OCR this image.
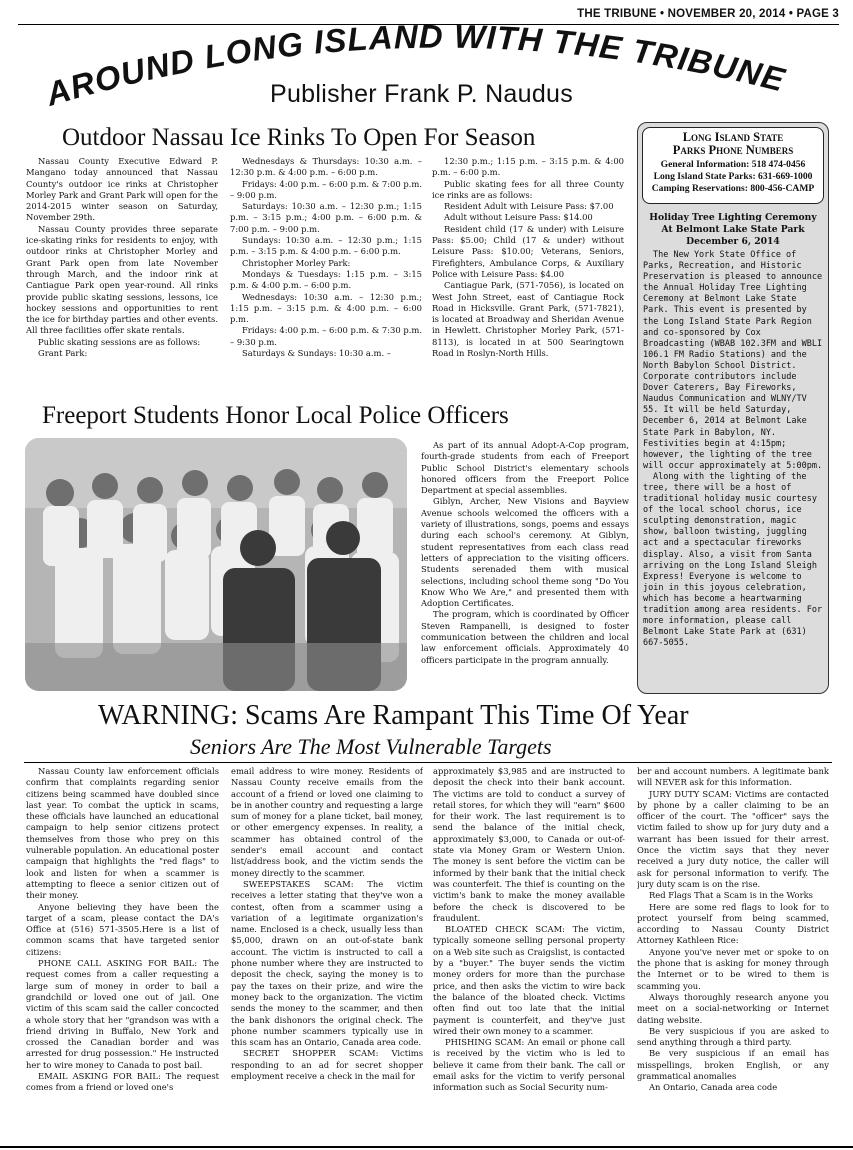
THE TRIBUNE • NOVEMBER 20, 2014 • PAGE 3
AROUND LONG ISLAND WITH THE TRIBUNE
Publisher Frank P. Naudus
Outdoor Nassau Ice Rinks To Open For Season

Nassau County Executive Edward P. Mangano today announced that Nassau County's outdoor ice rinks at Christopher Morley Park and Grant Park will open for the 2014-2015 winter season on Saturday, November 29th.

Nassau County provides three separate ice-skating rinks for residents to enjoy, with outdoor rinks at Christopher Morley and Grant Park open from late November through March, and the indoor rink at Cantiague Park open year-round. All rinks provide public skating sessions, lessons, ice hockey sessions and opportunities to rent the ice for birthday parties and other events. All three facilities offer skate rentals.

Public skating sessions are as follows:

Grant Park:

Wednesdays & Thursdays: 10:30 a.m. – 12:30 p.m. & 4:00 p.m. – 6:00 p.m.

Fridays: 4:00 p.m. – 6:00 p.m. & 7:00 p.m. – 9:00 p.m.

Saturdays: 10:30 a.m. – 12:30 p.m.; 1:15 p.m. – 3:15 p.m.; 4:00 p.m. – 6:00 p.m. & 7:00 p.m. – 9:00 p.m.

Sundays: 10:30 a.m. – 12:30 p.m.; 1:15 p.m. – 3:15 p.m. & 4:00 p.m. – 6:00 p.m.

Christopher Morley Park:

Mondays & Tuesdays: 1:15 p.m. – 3:15 p.m. & 4:00 p.m. – 6:00 p.m.

Wednesdays: 10:30 a.m. – 12:30 p.m.; 1:15 p.m. – 3:15 p.m. & 4:00 p.m. – 6:00 p.m.

Fridays: 4:00 p.m. – 6:00 p.m. & 7:30 p.m. – 9:30 p.m.

Saturdays & Sundays: 10:30 a.m. –

12:30 p.m.; 1:15 p.m. – 3:15 p.m. & 4:00 p.m. – 6:00 p.m.

Public skating fees for all three County ice rinks are as follows:

Resident Adult with Leisure Pass: $7.00

Adult without Leisure Pass: $14.00

Resident child (17 & under) with Leisure Pass: $5.00; Child (17 & under) without Leisure Pass: $10.00; Veterans, Seniors, Firefighters, Ambulance Corps, & Auxiliary Police with Leisure Pass: $4.00

Cantiague Park, (571-7056), is located on West John Street, east of Cantiague Rock Road in Hicksville. Grant Park, (571-7821), is located at Broadway and Sheridan Avenue in Hewlett. Christopher Morley Park, (571-8113), is located in at 500 Searingtown Road in Roslyn-North Hills.

Long Island State
Parks Phone Numbers
General Information: 518 474-0456
Long Island State Parks: 631-669-1000
Camping Reservations: 800-456-CAMP
Holiday Tree Lighting Ceremony
At Belmont Lake State Park
December 6, 2014

The New York State Office of Parks, Recreation, and Historic Preservation is pleased to announce the Annual Holiday Tree Lighting Ceremony at Belmont Lake State Park. This event is presented by the Long Island State Park Region and co-sponsored by Cox Broadcasting (WBAB 102.3FM and WBLI 106.1 FM Radio Stations) and the North Babylon School District. Corporate contributors include Dover Caterers, Bay Fireworks, Naudus Communication and WLNY/TV 55. It will be held Saturday, December 6, 2014 at Belmont Lake State Park in Babylon, NY. Festivities begin at 4:15pm; however, the lighting of the tree will occur approximately at 5:00pm.

Along with the lighting of the tree, there will be a host of traditional holiday music courtesy of the local school chorus, ice sculpting demonstration, magic show, balloon twisting, juggling act and a spectacular fireworks display. Also, a visit from Santa arriving on the Long Island Sleigh Express! Everyone is welcome to join in this joyous celebration, which has become a heartwarming tradition among area residents. For more information, please call Belmont Lake State Park at (631) 667-5055.

Freeport Students Honor Local Police Officers

As part of its annual Adopt-A-Cop program, fourth-grade students from each of Freeport Public School District's elementary schools honored officers from the Freeport Police Department at special assemblies.

Giblyn, Archer, New Visions and Bayview Avenue schools welcomed the officers with a variety of illustrations, songs, poems and essays during each school's ceremony. At Giblyn, student representatives from each class read letters of appreciation to the visiting officers. Students serenaded them with musical selections, including school theme song "Do You Know Who We Are," and presented them with Adoption Certificates.

The program, which is coordinated by Officer Steven Rampanelli, is designed to foster communication between the children and local law enforcement officials. Approximately 40 officers participate in the program annually.

WARNING: Scams Are Rampant This Time Of Year
Seniors Are The Most Vulnerable Targets

Nassau County law enforcement officials confirm that complaints regarding senior citizens being scammed have doubled since last year. To combat the uptick in scams, these officials have launched an educational campaign to help senior citizens protect themselves from those who prey on this vulnerable population. An educational poster campaign that highlights the "red flags" to look and listen for when a scammer is attempting to fleece a senior citizen out of their money.

Anyone believing they have been the target of a scam, please contact the DA's Office at (516) 571-3505.Here is a list of common scams that have targeted senior citizens:

PHONE CALL ASKING FOR BAIL: The request comes from a caller requesting a large sum of money in order to bail a grandchild or loved one out of jail. One victim of this scam said the caller concocted a whole story that her "grandson was with a friend driving in Buffalo, New York and crossed the Canadian border and was arrested for drug possession." He instructed her to wire money to Canada to post bail.

EMAIL ASKING FOR BAIL: The request comes from a friend or loved one's

email address to wire money. Residents of Nassau County receive emails from the account of a friend or loved one claiming to be in another country and requesting a large sum of money for a plane ticket, bail money, or other emergency expenses. In reality, a scammer has obtained control of the sender's email account and contact list/address book, and the victim sends the money directly to the scammer.

SWEEPSTAKES SCAM: The victim receives a letter stating that they've won a contest, often from a scammer using a variation of a legitimate organization's name. Enclosed is a check, usually less than $5,000, drawn on an out-of-state bank account. The victim is instructed to call a phone number where they are instructed to deposit the check, saying the money is to pay the taxes on their prize, and wire the money back to the organization. The victim sends the money to the scammer, and then the bank dishonors the original check. The phone number scammers typically use in this scam has an Ontario, Canada area code.

SECRET SHOPPER SCAM: Victims responding to an ad for secret shopper employment receive a check in the mail for

approximately $3,985 and are instructed to deposit the check into their bank account. The victims are told to conduct a survey of retail stores, for which they will "earn" $600 for their work. The last requirement is to send the balance of the initial check, approximately $3,000, to Canada or out-of-state via Money Gram or Western Union. The money is sent before the victim can be informed by their bank that the initial check was counterfeit. The thief is counting on the victim's bank to make the money available before the check is discovered to be fraudulent.

BLOATED CHECK SCAM: The victim, typically someone selling personal property on a Web site such as Craigslist, is contacted by a "buyer." The buyer sends the victim money orders for more than the purchase price, and then asks the victim to wire back the balance of the bloated check. Victims often find out too late that the initial payment is counterfeit, and they've just wired their own money to a scammer.

PHISHING SCAM: An email or phone call is received by the victim who is led to believe it came from their bank. The call or email asks for the victim to verify personal information such as Social Security num-

ber and account numbers. A legitimate bank will NEVER ask for this information.

JURY DUTY SCAM: Victims are contacted by phone by a caller claiming to be an officer of the court. The "officer" says the victim failed to show up for jury duty and a warrant has been issued for their arrest. Once the victim says that they never received a jury duty notice, the caller will ask for personal information to verify. The jury duty scam is on the rise.

Red Flags That a Scam is in the Works

Here are some red flags to look for to protect yourself from being scammed, according to Nassau County District Attorney Kathleen Rice:

Anyone you've never met or spoke to on the phone that is asking for money through the Internet or to be wired to them is scamming you.

Always thoroughly research anyone you meet on a social-networking or Internet dating website.

Be very suspicious if you are asked to send anything through a third party.

Be very suspicious if an email has misspellings, broken English, or any grammatical anomalies

An Ontario, Canada area code
